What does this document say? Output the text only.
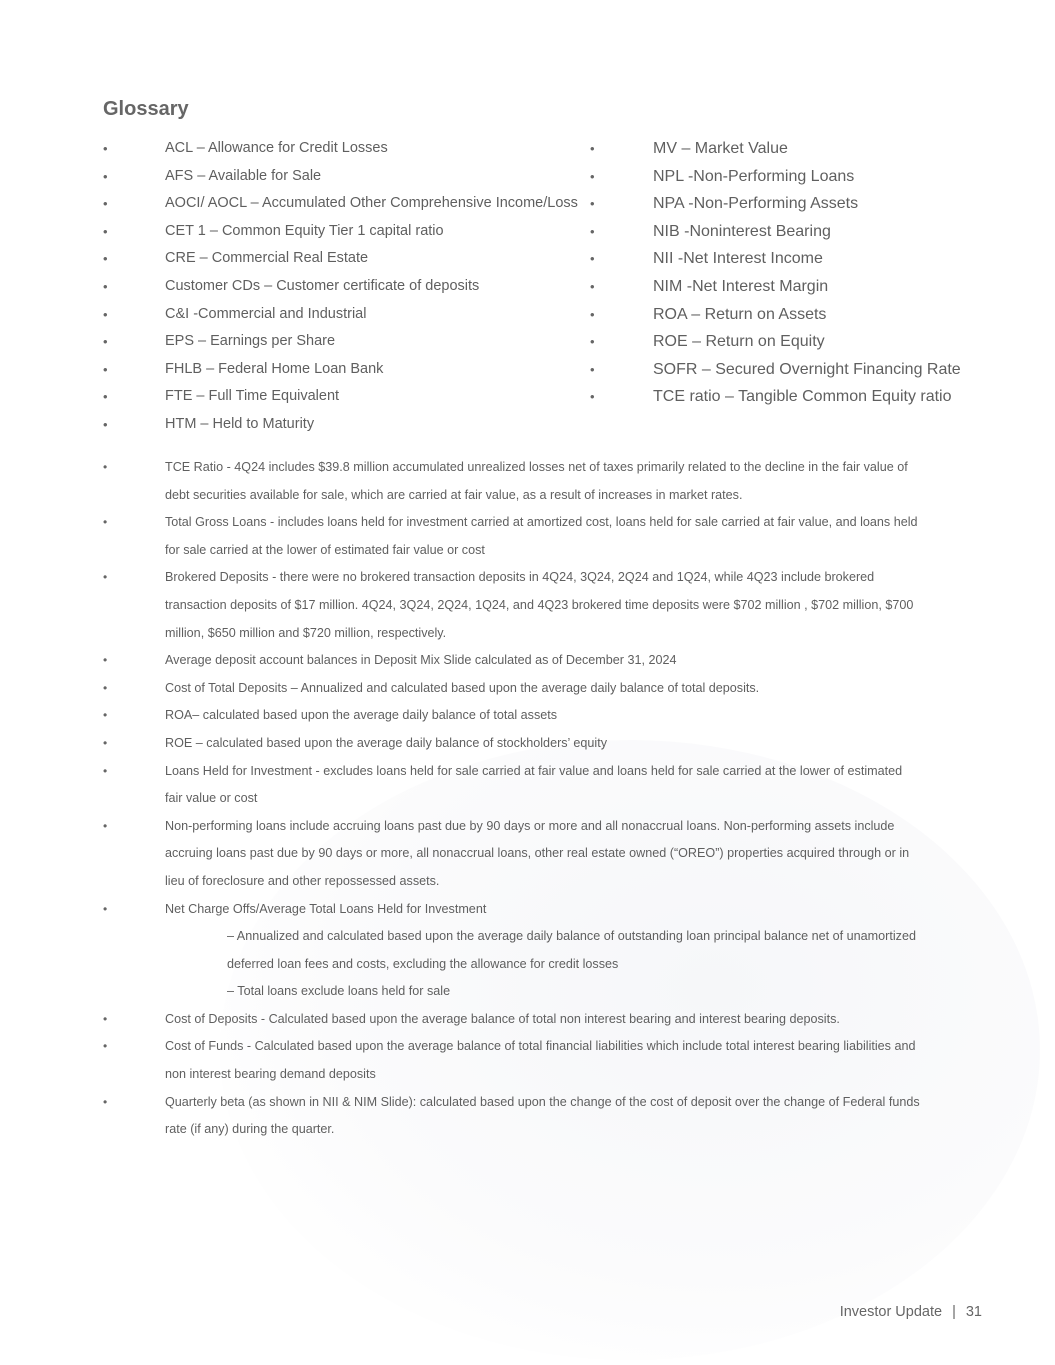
Glossary
•	ACL – Allowance for Credit Losses
•	AFS – Available for Sale
•	AOCI/ AOCL – Accumulated Other Comprehensive Income/Loss
•	CET 1 – Common Equity Tier 1 capital ratio
•	CRE – Commercial Real Estate
•	Customer CDs – Customer certificate of deposits
•	C&I -Commercial and Industrial
•	EPS – Earnings per Share
•	FHLB – Federal Home Loan Bank
•	FTE – Full Time Equivalent
•	HTM – Held to Maturity
•	MV – Market Value
•	NPL -Non-Performing Loans
•	NPA -Non-Performing Assets
•	NIB -Noninterest Bearing
•	NII -Net Interest Income
•	NIM -Net Interest Margin
•	ROA – Return on Assets
•	ROE – Return on Equity
•	SOFR – Secured Overnight Financing Rate
•	TCE ratio – Tangible Common Equity ratio
•	TCE Ratio - 4Q24 includes $39.8 million accumulated unrealized losses net of taxes primarily related to the decline in the fair value of
debt securities available for sale, which are carried at fair value, as a result of increases in market rates.
•	Total Gross Loans - includes loans held for investment carried at amortized cost, loans held for sale carried at fair value, and loans held
for sale carried at the lower of estimated fair value or cost
•	Brokered Deposits - there were no brokered transaction deposits in 4Q24, 3Q24, 2Q24 and 1Q24, while 4Q23 include brokered
transaction deposits of $17 million. 4Q24, 3Q24, 2Q24, 1Q24, and 4Q23 brokered time deposits were $702 million , $702 million, $700
million, $650 million and $720 million, respectively.
•	Average deposit account balances in Deposit Mix Slide calculated as of December 31, 2024
•	Cost of Total Deposits – Annualized and calculated based upon the average daily balance of total deposits.
•	ROA– calculated based upon the average daily balance of total assets
•	ROE – calculated based upon the average daily balance of stockholders’ equity
•	Loans Held for Investment - excludes loans held for sale carried at fair value and loans held for sale carried at the lower of estimated
fair value or cost
•	Non-performing loans include accruing loans past due by 90 days or more and all nonaccrual loans. Non-performing assets include
accruing loans past due by 90 days or more, all nonaccrual loans, other real estate owned (“OREO”) properties acquired through or in
lieu of foreclosure and other repossessed assets.
•	Net Charge Offs/Average Total Loans Held for Investment
– Annualized and calculated based upon the average daily balance of outstanding loan principal balance net of unamortized
deferred loan fees and costs, excluding the allowance for credit losses
– Total loans exclude loans held for sale
•	Cost of Deposits - Calculated based upon the average balance of total non interest bearing and interest bearing deposits.
•	Cost of Funds - Calculated based upon the average balance of total financial liabilities which include total interest bearing liabilities and
non interest bearing demand deposits
•	Quarterly beta (as shown in NII & NIM Slide): calculated based upon the change of the cost of deposit over the change of Federal funds
rate (if any) during the quarter.
Investor Update | 31
